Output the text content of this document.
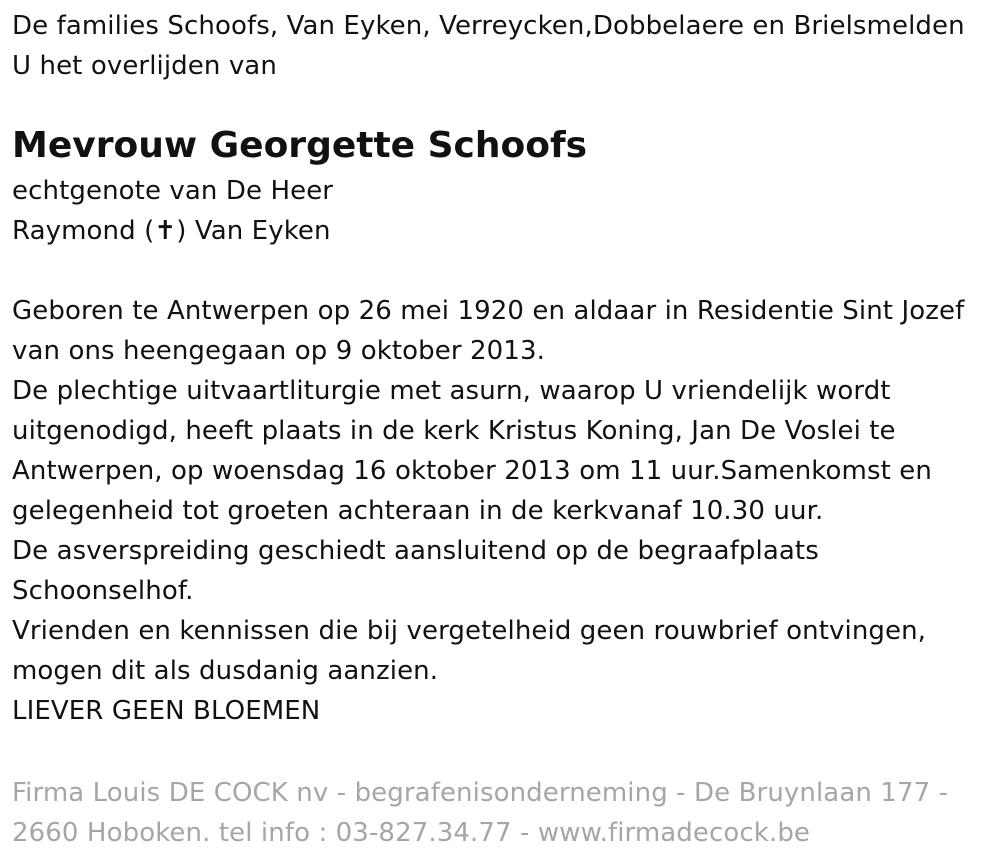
De families Schoofs, Van Eyken, Verreycken,Dobbelaere en Brielsmelden
U het overlijden van
Mevrouw Georgette Schoofs
echtgenote van De Heer
Raymond (✝) Van Eyken
Geboren te Antwerpen op 26 mei 1920 en aldaar in Residentie Sint Jozef
van ons heengegaan op 9 oktober 2013.
De plechtige uitvaartliturgie met asurn, waarop U vriendelijk wordt
uitgenodigd, heeft plaats in de kerk Kristus Koning, Jan De Voslei te
Antwerpen, op woensdag 16 oktober 2013 om 11 uur.Samenkomst en
gelegenheid tot groeten achteraan in de kerkvanaf 10.30 uur.
De asverspreiding geschiedt aansluitend op de begraafplaats
Schoonselhof.
Vrienden en kennissen die bij vergetelheid geen rouwbrief ontvingen,
mogen dit als dusdanig aanzien.
LIEVER GEEN BLOEMEN
Firma Louis DE COCK nv - begrafenisonderneming - De Bruynlaan 177 -
2660 Hoboken. tel info : 03-827.34.77 - www.firmadecock.be
